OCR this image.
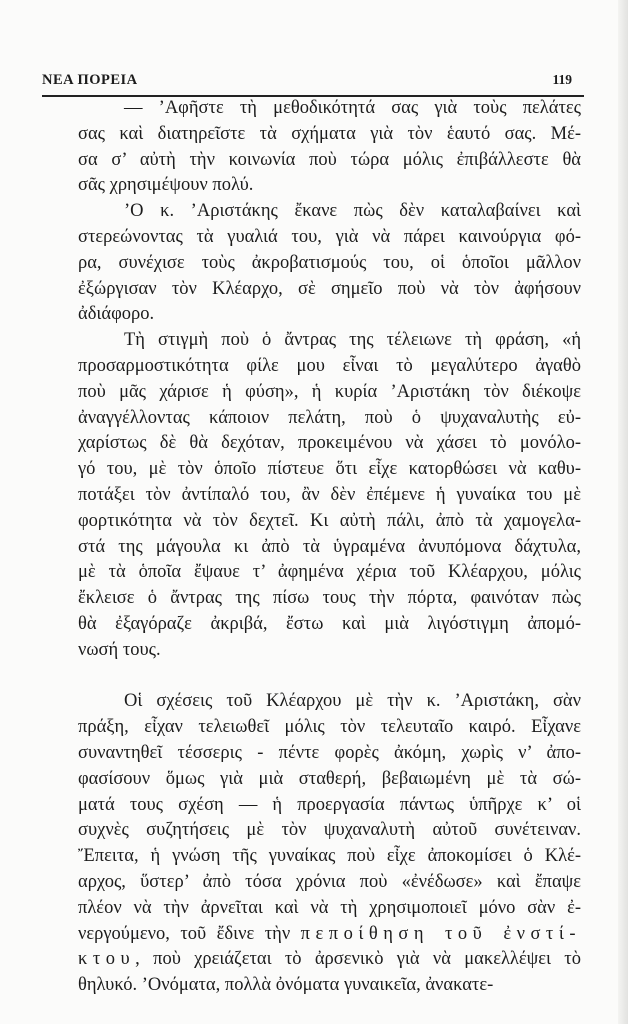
ΝΕΑ ΠΟΡΕΙΑ	119
— ’Αφῆστε τὴ μεθοδικότητά σας γιὰ τοὺς πελάτες
σας καὶ διατηρεῖστε τὰ σχήματα γιὰ τὸν ἑαυτό σας. Μέ-
σα σ’ αὐτὴ τὴν κοινωνία ποὺ τώρα μόλις ἐπιβάλλεστε θὰ
σᾶς χρησιμέψουν πολύ.
’Ο κ. ’Αριστάκης ἔκανε πὼς δὲν καταλαβαίνει καὶ
στερεώνοντας τὰ γυαλιά του, γιὰ νὰ πάρει καινούργια φό-
ρα, συνέχισε τοὺς ἀκροβατισμούς του, οἱ ὁποῖοι μᾶλλον
ἐξώργισαν τὸν Κλέαρχο, σὲ σημεῖο ποὺ νὰ τὸν ἀφήσουν
ἀδιάφορο.
Τὴ στιγμὴ ποὺ ὁ ἄντρας της τέλειωνε τὴ φράση, «ἡ
προσαρμοστικότητα φίλε μου εἶναι τὸ μεγαλύτερο ἀγαθὸ
ποὺ μᾶς χάρισε ἡ φύση», ἡ κυρία ’Αριστάκη τὸν διέκοψε
ἀναγγέλλοντας κάποιον πελάτη, ποὺ ὁ ψυχαναλυτὴς εὐ-
χαρίστως δὲ θὰ δεχόταν, προκειμένου νὰ χάσει τὸ μονόλο-
γό του, μὲ τὸν ὁποῖο πίστευε ὅτι εἶχε κατορθώσει νὰ καθυ-
ποτάξει τὸν ἀντίπαλό του, ἂν δὲν ἐπέμενε ἡ γυναίκα του μὲ
φορτικότητα νὰ τὸν δεχτεῖ. Κι αὐτὴ πάλι, ἀπὸ τὰ χαμογελα-
στά της μάγουλα κι ἀπὸ τὰ ὑγραμένα ἀνυπόμονα δάχτυλα,
μὲ τὰ ὁποῖα ἔψαυε τ’ ἀφημένα χέρια τοῦ Κλέαρχου, μόλις
ἔκλεισε ὁ ἄντρας της πίσω τους τὴν πόρτα, φαινόταν πὼς
θὰ ἐξαγόραζε ἀκριβά, ἔστω καὶ μιὰ λιγόστιγμη ἀπομό-
νωσή τους.
Οἱ σχέσεις τοῦ Κλέαρχου μὲ τὴν κ. ’Αριστάκη, σὰν
πράξη, εἶχαν τελειωθεῖ μόλις τὸν τελευταῖο καιρό. Εἶχανε
συναντηθεῖ τέσσερις - πέντε φορὲς ἀκόμη, χωρὶς ν’ ἀπο-
φασίσουν ὅμως γιὰ μιὰ σταθερή, βεβαιωμένη μὲ τὰ σώ-
ματά τους σχέση — ἡ προεργασία πάντως ὑπῆρχε κ’ οἱ
συχνὲς συζητήσεις μὲ τὸν ψυχαναλυτὴ αὐτοῦ συνέτειναν.
Ἔπειτα, ἡ γνώση τῆς γυναίκας ποὺ εἶχε ἀποκομίσει ὁ Κλέ-
αρχος, ὕστερ’ ἀπὸ τόσα χρόνια ποὺ «ἐνέδωσε» καὶ ἔπαψε
πλέον νὰ τὴν ἀρνεῖται καὶ νὰ τὴ χρησιμοποιεῖ μόνο σὰν ἐ-
νεργούμενο, τοῦ ἔδινε τὴν πεποίθηση τοῦ ἐνστί-
κτου, ποὺ χρειάζεται τὸ ἀρσενικὸ γιὰ νὰ μακελλέψει τὸ
θηλυκό. ’Ονόματα, πολλὰ ὀνόματα γυναικεῖα, ἀνακατε-
